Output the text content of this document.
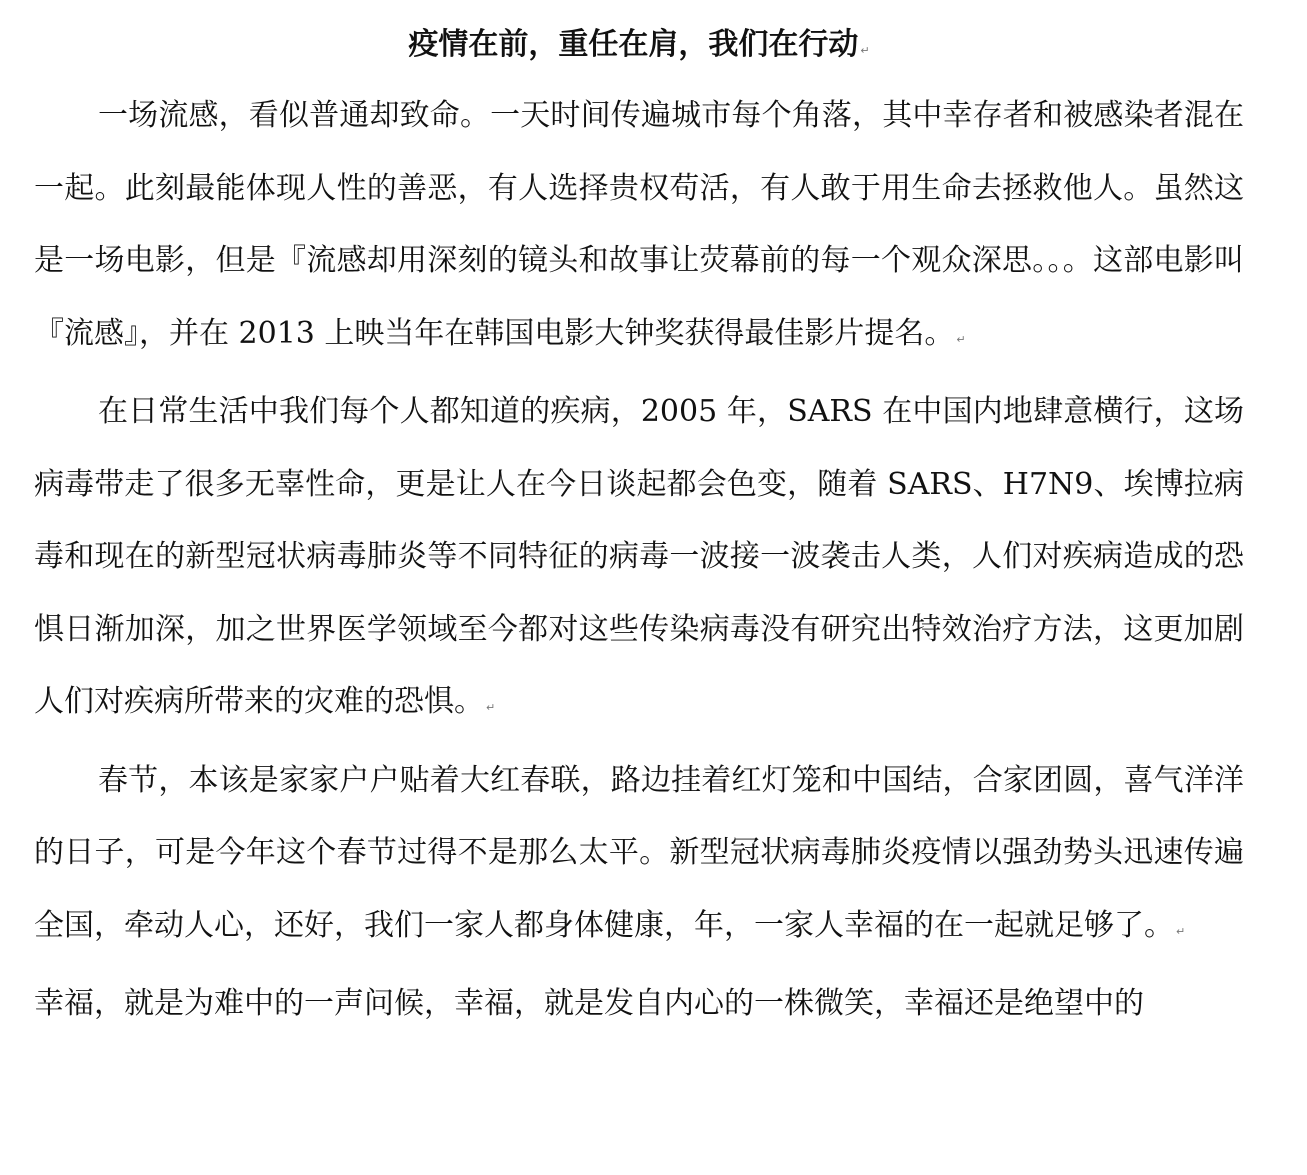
疫情在前，重任在肩，我们在行动 ↵

一场流感，看似普通却致命。一天时间传遍城市每个角落，其中幸存者和被感染者混在一起。此刻最能体现人性的善恶，有人选择贵权苟活，有人敢于用生命去拯救他人。虽然这是一场电影，但是『流感却用深刻的镜头和故事让荧幕前的每一个观众深思。。。这部电影叫『流感』，并在 2013 上映当年在韩国电影大钟奖获得最佳影片提名。 ↵

在日常生活中我们每个人都知道的疾病，2005 年，SARS 在中国内地肆意横行，这场病毒带走了很多无辜性命，更是让人在今日谈起都会色变，随着 SARS、H7N9、埃博拉病毒和现在的新型冠状病毒肺炎等不同特征的病毒一波接一波袭击人类，人们对疾病造成的恐惧日渐加深，加之世界医学领域至今都对这些传染病毒没有研究出特效治疗方法，这更加剧人们对疾病所带来的灾难的恐惧。 ↵

春节，本该是家家户户贴着大红春联，路边挂着红灯笼和中国结，合家团圆，喜气洋洋的日子，可是今年这个春节过得不是那么太平。新型冠状病毒肺炎疫情以强劲势头迅速传遍全国，牵动人心，还好，我们一家人都身体健康，年，一家人幸福的在一起就足够了。 ↵

幸福，就是为难中的一声问候，幸福，就是发自内心的一株微笑，幸福还是绝望中的
